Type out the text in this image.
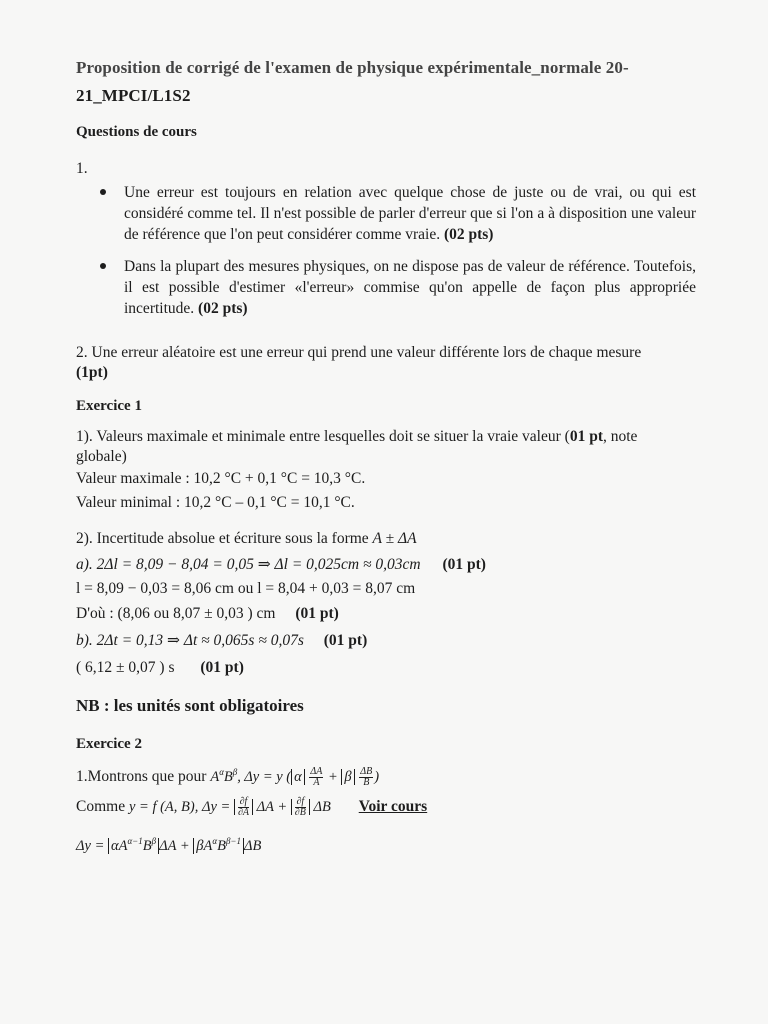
Proposition de corrigé de l'examen de physique expérimentale_normale 20-
21_MPCI/L1S2
Questions de cours
1.
Une erreur est toujours en relation avec quelque chose de juste ou de vrai, ou qui est considéré comme tel. Il n'est possible de parler d'erreur que si l'on a à disposition une valeur de référence que l'on peut considérer comme vraie. (02 pts)
Dans la plupart des mesures physiques, on ne dispose pas de valeur de référence. Toutefois, il est possible d'estimer «l'erreur» commise qu'on appelle de façon plus appropriée incertitude. (02 pts)
2. Une erreur aléatoire est une erreur qui prend une valeur différente lors de chaque mesure
(1pt)
Exercice 1
1). Valeurs maximale et minimale entre lesquelles doit se situer la vraie valeur (01 pt, note
globale)
Valeur maximale : 10,2 °C + 0,1 °C = 10,3 °C.
Valeur minimal : 10,2 °C – 0,1 °C = 10,1 °C.
2). Incertitude absolue et écriture sous la forme A ± ΔA
a). 2Δl = 8,09 − 8,04 = 0,05 ⇒ Δl = 0,025cm ≈ 0,03cm (01 pt)
l = 8,09 − 0,03 = 8,06 cm ou l = 8,04 + 0,03 = 8,07 cm
D'où : (8,06 ou 8,07 ± 0,03 ) cm (01 pt)
b). 2Δt = 0,13 ⇒ Δt ≈ 0,065s ≈ 0,07s (01 pt)
( 6,12 ± 0,07 ) s (01 pt)
NB : les unités sont obligatoires
Exercice 2
1.Montrons que pour $A^\alpha B^\beta$, Δy = y ( α $\frac{\Delta A}{A} + \beta \frac{\Delta B}{B}$ )
Comme y = f (A, B), $\Delta y = \frac{\partial f}{\partial A}$ $\Delta A + \frac{\partial f}{\partial B}$ ΔB Voir cours
$\Delta y = \alpha A^{\alpha-1}B^\beta$ $\Delta A + \beta A^\alpha B^{\beta-1}$ ΔB
